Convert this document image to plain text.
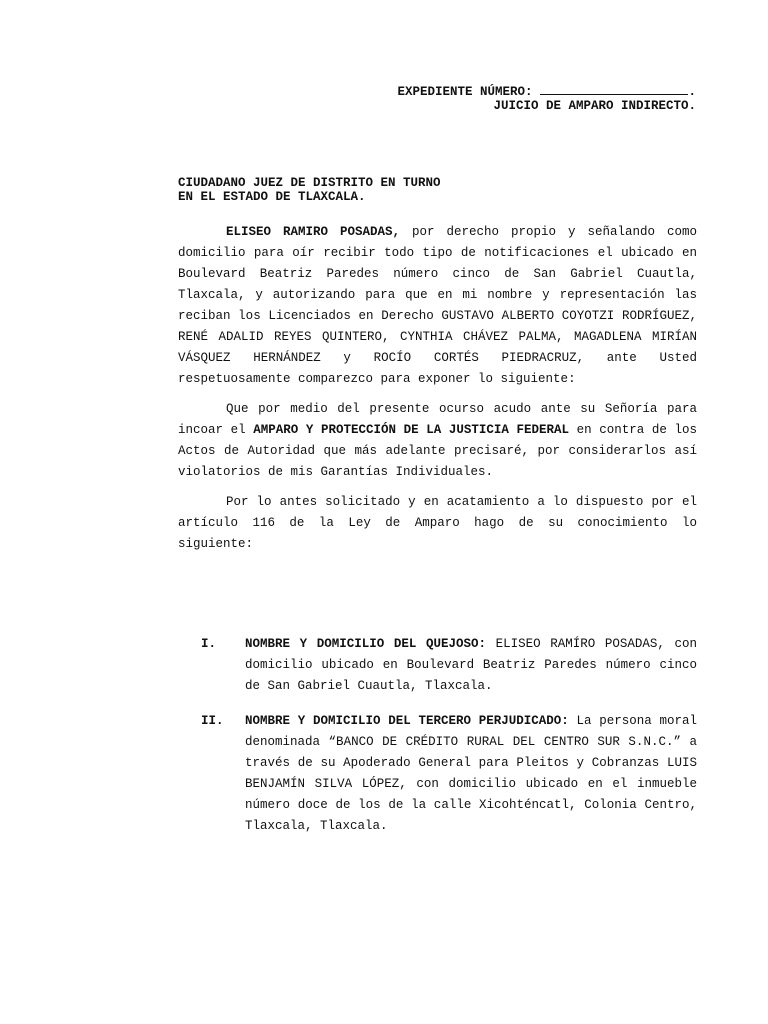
EXPEDIENTE NÚMERO:	.
JUICIO DE AMPARO INDIRECTO.
CIUDADANO JUEZ DE DISTRITO EN TURNO
EN EL ESTADO DE TLAXCALA.

ELISEO RAMIRO POSADAS, por derecho propio y señalando como domicilio para oír recibir todo tipo de notificaciones el ubicado en Boulevard Beatriz Paredes número cinco de San Gabriel Cuautla, Tlaxcala, y autorizando para que en mi nombre y representación las reciban los Licenciados en Derecho GUSTAVO ALBERTO COYOTZI RODRÍGUEZ, RENÉ ADALID REYES QUINTERO, CYNTHIA CHÁVEZ PALMA, MAGADLENA MIRÍAN VÁSQUEZ HERNÁNDEZ y ROCÍO CORTÉS PIEDRACRUZ, ante Usted respetuosamente comparezco para exponer lo siguiente:

Que por medio del presente ocurso acudo ante su Señoría para incoar el AMPARO Y PROTECCIÓN DE LA JUSTICIA FEDERAL en contra de los Actos de Autoridad que más adelante precisaré, por considerarlos así violatorios de mis Garantías Individuales.

Por lo antes solicitado y en acatamiento a lo dispuesto por el artículo 116 de la Ley de Amparo hago de su conocimiento lo siguiente:

I. NOMBRE Y DOMICILIO DEL QUEJOSO: ELISEO RAMÍRO POSADAS, con domicilio ubicado en Boulevard Beatriz Paredes número cinco de San Gabriel Cuautla, Tlaxcala.
II. NOMBRE Y DOMICILIO DEL TERCERO PERJUDICADO: La persona moral denominada “BANCO DE CRÉDITO RURAL DEL CENTRO SUR S.N.C.” a través de su Apoderado General para Pleitos y Cobranzas LUIS BENJAMÍN SILVA LÓPEZ, con domicilio ubicado en el inmueble número doce de los de la calle Xicohténcatl, Colonia Centro, Tlaxcala, Tlaxcala.
